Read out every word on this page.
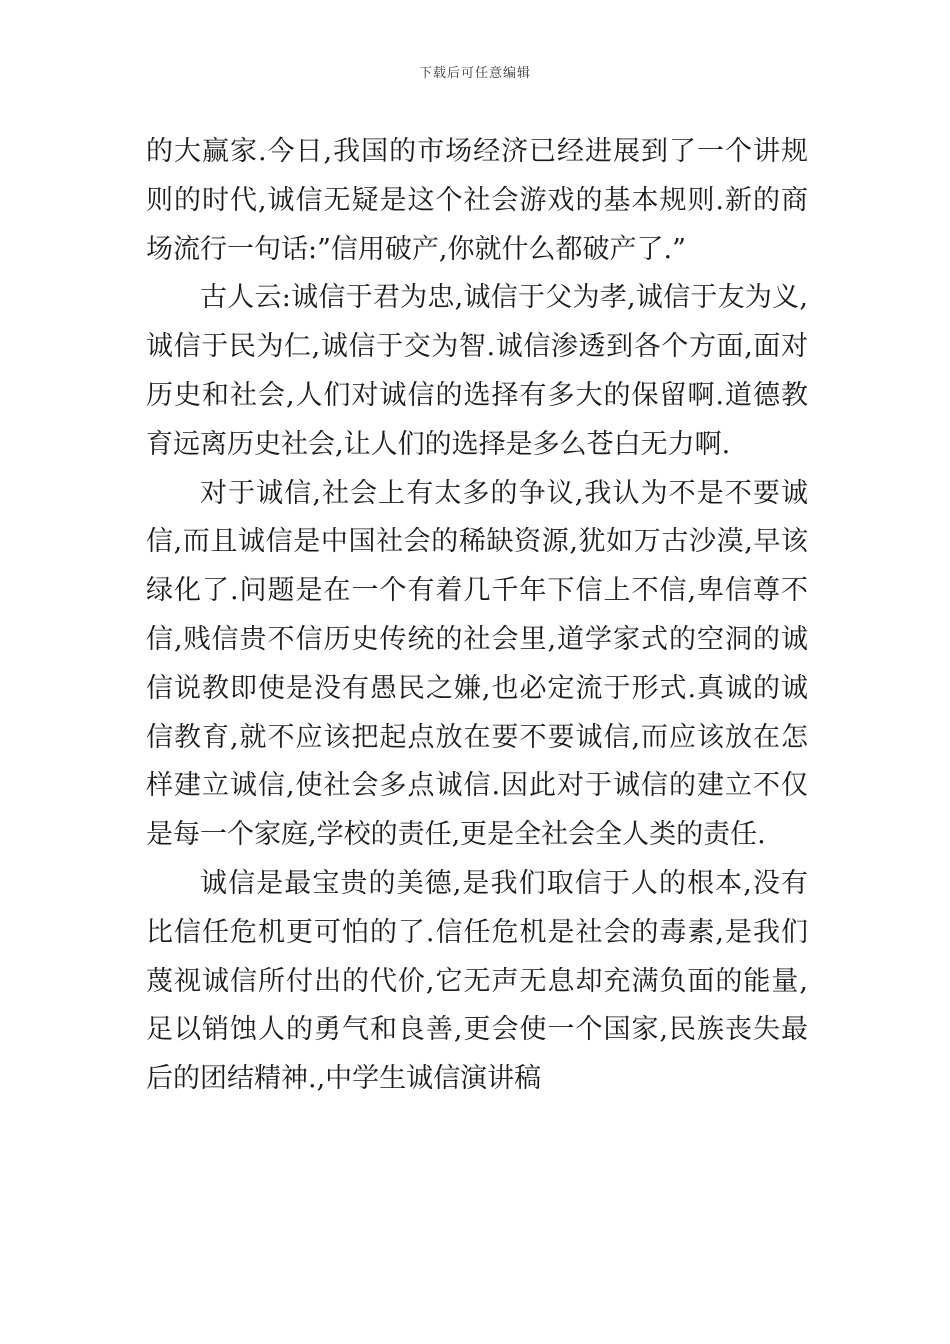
下载后可任意编辑

的大赢家.今日,我国的市场经济已经进展到了一个讲规则的时代,诚信无疑是这个社会游戏的基本规则.新的商场流行一句话:”信用破产,你就什么都破产了.”

古人云:诚信于君为忠,诚信于父为孝,诚信于友为义,诚信于民为仁,诚信于交为智.诚信渗透到各个方面,面对历史和社会,人们对诚信的选择有多大的保留啊.道德教育远离历史社会,让人们的选择是多么苍白无力啊.

对于诚信,社会上有太多的争议,我认为不是不要诚信,而且诚信是中国社会的稀缺资源,犹如万古沙漠,早该绿化了.问题是在一个有着几千年下信上不信,卑信尊不信,贱信贵不信历史传统的社会里,道学家式的空洞的诚信说教即使是没有愚民之嫌,也必定流于形式.真诚的诚信教育,就不应该把起点放在要不要诚信,而应该放在怎样建立诚信,使社会多点诚信.因此对于诚信的建立不仅是每一个家庭,学校的责任,更是全社会全人类的责任.

诚信是最宝贵的美德,是我们取信于人的根本,没有比信任危机更可怕的了.信任危机是社会的毒素,是我们蔑视诚信所付出的代价,它无声无息却充满负面的能量,足以销蚀人的勇气和良善,更会使一个国家,民族丧失最后的团结精神.,中学生诚信演讲稿
